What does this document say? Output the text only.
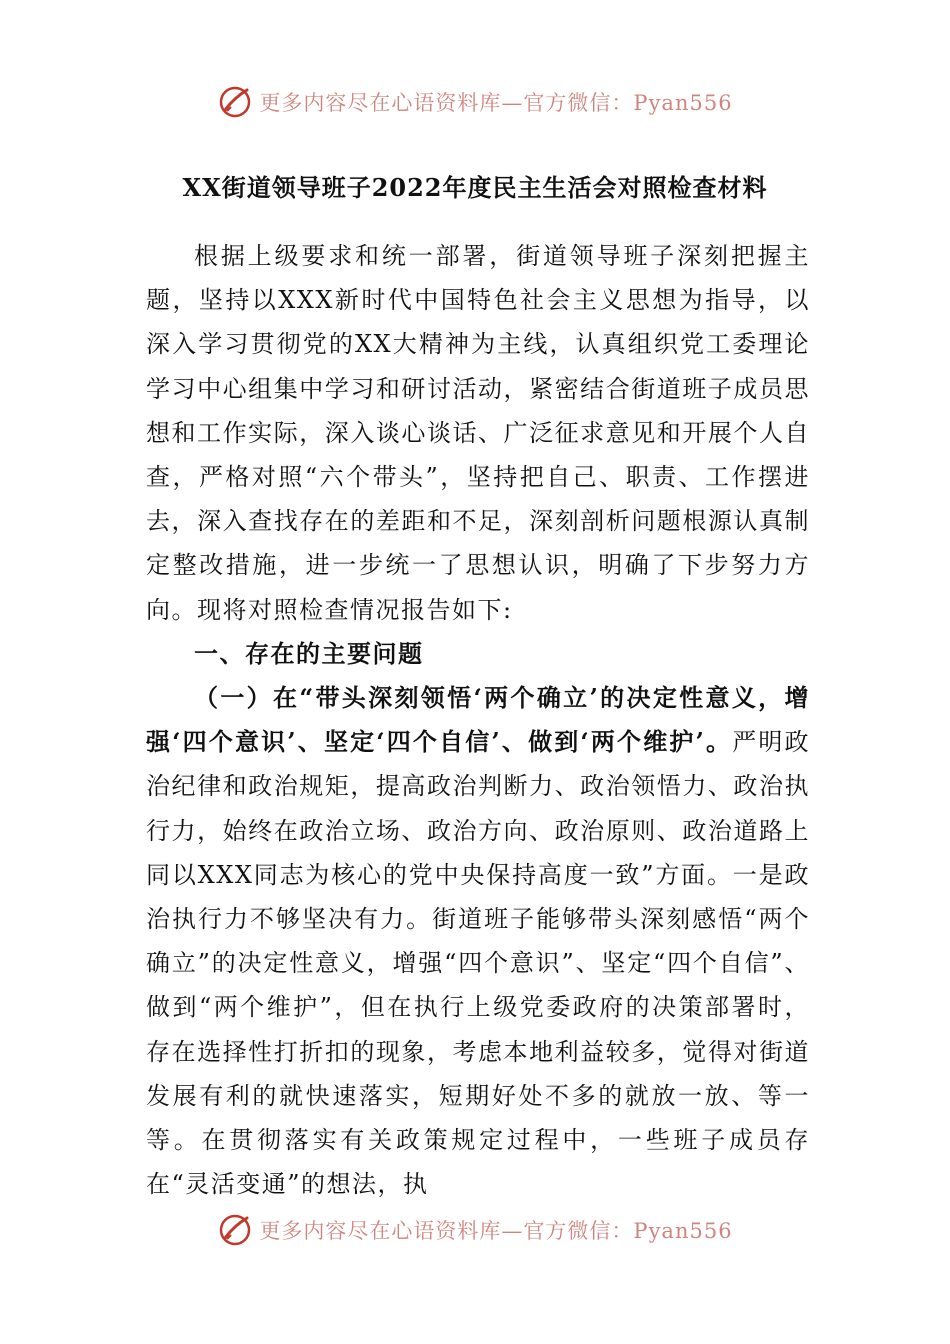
更多内容尽在心语资料库—官方微信：Pyan556
XX街道领导班子2022年度民主生活会对照检查材料

根据上级要求和统一部署，街道领导班子深刻把握主题，坚持以XXX新时代中国特色社会主义思想为指导，以深入学习贯彻党的XX大精神为主线，认真组织党工委理论学习中心组集中学习和研讨活动，紧密结合街道班子成员思想和工作实际，深入谈心谈话、广泛征求意见和开展个人自查，严格对照“六个带头”，坚持把自己、职责、工作摆进去，深入查找存在的差距和不足，深刻剖析问题根源认真制定整改措施，进一步统一了思想认识，明确了下步努力方向。现将对照检查情况报告如下:

一、存在的主要问题

（一）在“带头深刻领悟‘两个确立’的决定性意义，增强‘四个意识’、坚定‘四个自信’、做到‘两个维护’。严明政治纪律和政治规矩，提高政治判断力、政治领悟力、政治执行力，始终在政治立场、政治方向、政治原则、政治道路上同以XXX同志为核心的党中央保持高度一致”方面。一是政治执行力不够坚决有力。街道班子能够带头深刻感悟“两个确立”的决定性意义，增强“四个意识”、坚定“四个自信”、做到“两个维护”，但在执行上级党委政府的决策部署时，存在选择性打折扣的现象，考虑本地利益较多，觉得对街道发展有利的就快速落实，短期好处不多的就放一放、等一等。在贯彻落实有关政策规定过程中，一些班子成员存在“灵活变通”的想法，执

更多内容尽在心语资料库—官方微信：Pyan556
